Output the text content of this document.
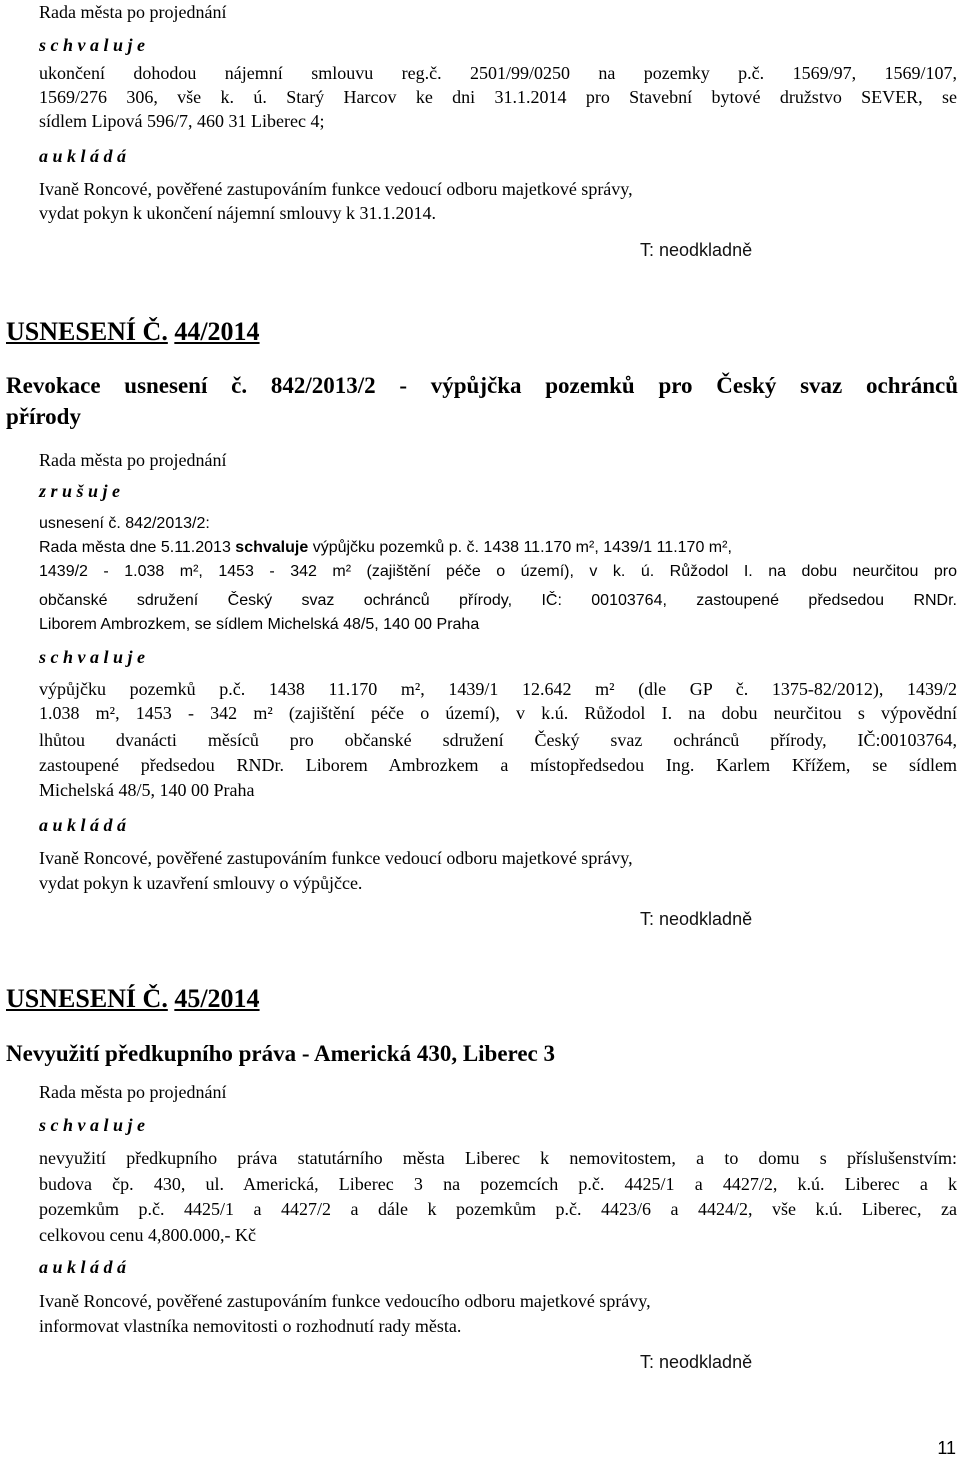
Rada města po projednání
s c h v a l u j e
ukončení dohodou nájemní smlouvu reg.č. 2501/99/0250 na pozemky p.č. 1569/97, 1569/107,
1569/276 306, vše k. ú. Starý Harcov ke dni 31.1.2014 pro Stavební bytové družstvo SEVER, se
sídlem Lipová 596/7, 460 31 Liberec 4;
a u k l á d á
Ivaně Roncové, pověřené zastupováním funkce vedoucí odboru majetkové správy,
vydat pokyn k ukončení nájemní smlouvy k 31.1.2014.
T: neodkladně
USNESENÍ Č. 44/2014
Revokace usnesení č. 842/2013/2 - výpůjčka pozemků pro Český svaz ochránců
přírody
Rada města po projednání
z r u š u j e
usnesení č. 842/2013/2:
Rada města dne 5.11.2013 schvaluje výpůjčku pozemků p. č. 1438 11.170 m², 1439/1 11.170 m²,
1439/2 - 1.038 m², 1453 - 342 m² (zajištění péče o území), v k. ú. Růžodol I. na dobu neurčitou pro
občanské sdružení Český svaz ochránců přírody, IČ: 00103764, zastoupené předsedou RNDr.
Liborem Ambrozkem, se sídlem Michelská 48/5, 140 00 Praha
s c h v a l u j e
výpůjčku pozemků p.č. 1438 11.170 m², 1439/1 12.642 m² (dle GP č. 1375-82/2012), 1439/2
1.038 m², 1453 - 342 m² (zajištění péče o území), v k.ú. Růžodol I. na dobu neurčitou s výpovědní
lhůtou dvanácti měsíců pro občanské sdružení Český svaz ochránců přírody, IČ:00103764,
zastoupené předsedou RNDr. Liborem Ambrozkem a místopředsedou Ing. Karlem Křížem, se sídlem
Michelská 48/5, 140 00 Praha
a u k l á d á
Ivaně Roncové, pověřené zastupováním funkce vedoucí odboru majetkové správy,
vydat pokyn k uzavření smlouvy o výpůjčce.
T: neodkladně
USNESENÍ Č. 45/2014
Nevyužití předkupního práva - Americká 430, Liberec 3
Rada města po projednání
s c h v a l u j e
nevyužití předkupního práva statutárního města Liberec k nemovitostem, a to domu s příslušenstvím:
budova čp. 430, ul. Americká, Liberec 3 na pozemcích p.č. 4425/1 a 4427/2, k.ú. Liberec a k
pozemkům p.č. 4425/1 a 4427/2 a dále k pozemkům p.č. 4423/6 a 4424/2, vše k.ú. Liberec, za
celkovou cenu 4,800.000,- Kč
a u k l á d á
Ivaně Roncové, pověřené zastupováním funkce vedoucího odboru majetkové správy,
informovat vlastníka nemovitosti o rozhodnutí rady města.
T: neodkladně
11
